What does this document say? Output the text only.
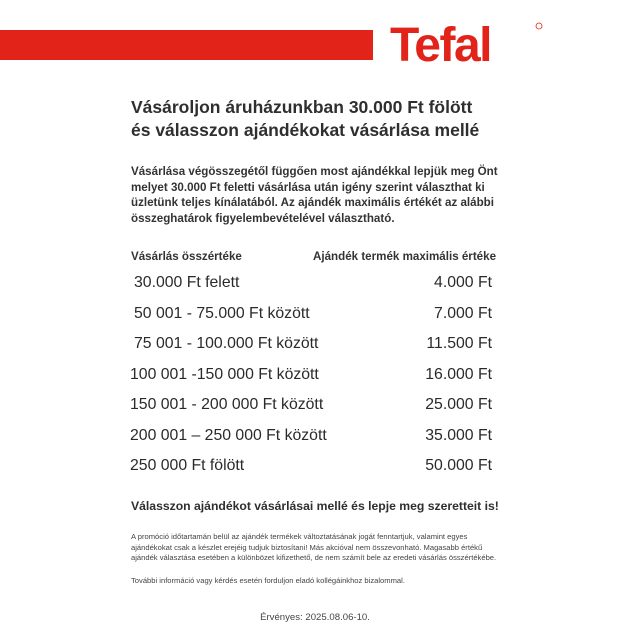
Tefal
Vásároljon áruházunkban 30.000 Ft fölött
és válasszon ajándékokat vásárlása mellé

Vásárlása végösszegétől függően most ajándékkal lepjük meg Önt melyet 30.000 Ft feletti vásárlása után igény szerint választhat ki üzletünk teljes kínálatából. Az ajándék maximális értékét az alábbi összeghatárok figyelembevételével választható.

Vásárlás összértéke	Ajándék termék maximális értéke
30.000 Ft felett	4.000 Ft
50 001 - 75.000 Ft között	7.000 Ft
75 001 - 100.000 Ft között	11.500 Ft
100 001 -150 000 Ft között	16.000 Ft
150 001 - 200 000 Ft között	25.000 Ft
200 001 – 250 000 Ft között	35.000 Ft
250 000 Ft fölött	50.000 Ft

Válasszon ajándékot vásárlásai mellé és lepje meg szeretteit is!

A promóció időtartamán belül az ajándék termékek változtatásának jogát fenntartjuk, valamint egyes ajándékokat csak a készlet erejéig tudjuk biztosítani! Más akcióval nem összevonható. Magasabb értékű ajándék választása esetében a különbözet kifizethető, de nem számít bele az eredeti vásárlás összértékébe.

További információ vagy kérdés esetén forduljon eladó kollégáinkhoz bizalommal.

Érvényes: 2025.08.06-10.
